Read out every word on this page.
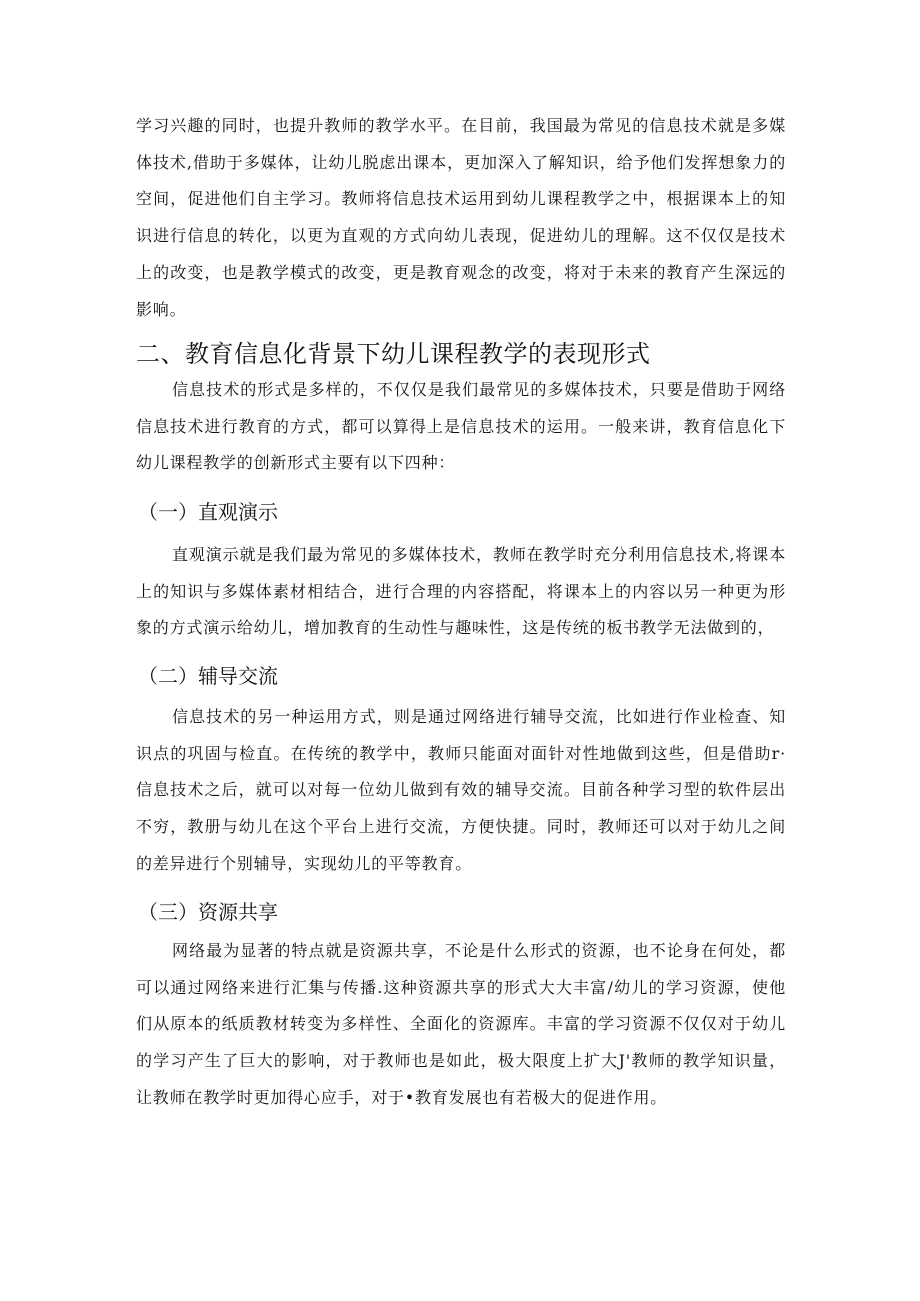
学习兴趣的同时，也提升教师的教学水平。在目前，我国最为常见的信息技术就是多媒体技术,借助于多媒体，让幼儿脱虑出课本，更加深入了解知识，给予他们发挥想象力的空间，促进他们自主学习。教师将信息技术运用到幼儿课程教学之中，根据课本上的知识进行信息的转化，以更为直观的方式向幼儿表现，促进幼儿的理解。这不仅仅是技术上的改变，也是教学模式的改变，更是教育观念的改变，将对于未来的教育产生深远的影响。

二、教育信息化背景下幼儿课程教学的表现形式

信息技术的形式是多样的，不仅仅是我们最常见的多媒体技术，只要是借助于网络信息技术进行教育的方式，都可以算得上是信息技术的运用。一般来讲，教育信息化下幼儿课程教学的创新形式主要有以下四种：

（一）直观演示

直观演示就是我们最为常见的多媒体技术，教师在教学时充分利用信息技术,将课本上的知识与多媒体素材相结合，进行合理的内容搭配，将课本上的内容以另一种更为形象的方式演示给幼儿，增加教育的生动性与趣味性，这是传统的板书教学无法做到的，

（二）辅导交流

信息技术的另一种运用方式，则是通过网络进行辅导交流，比如进行作业检查、知识点的巩固与检直。在传统的教学中，教师只能面对面针对性地做到这些，但是借助r·信息技术之后，就可以对每一位幼儿做到有效的辅导交流。目前各种学习型的软件层出不穷，教册与幼儿在这个平台上进行交流，方便快捷。同时，教师还可以对于幼儿之间的差异进行个别辅导，实现幼儿的平等教育。

（三）资源共享

网络最为显著的特点就是资源共享，不论是什么形式的资源，也不论身在何处，都可以通过网络来进行汇集与传播.这种资源共享的形式大大丰富/幼儿的学习资源，使他们从原本的纸质教材转变为多样性、全面化的资源库。丰富的学习资源不仅仅对于幼儿的学习产生了巨大的影响，对于教师也是如此，极大限度上扩大J'教师的教学知识量，让教师在教学时更加得心应手，对于•教育发展也有若极大的促进作用。
